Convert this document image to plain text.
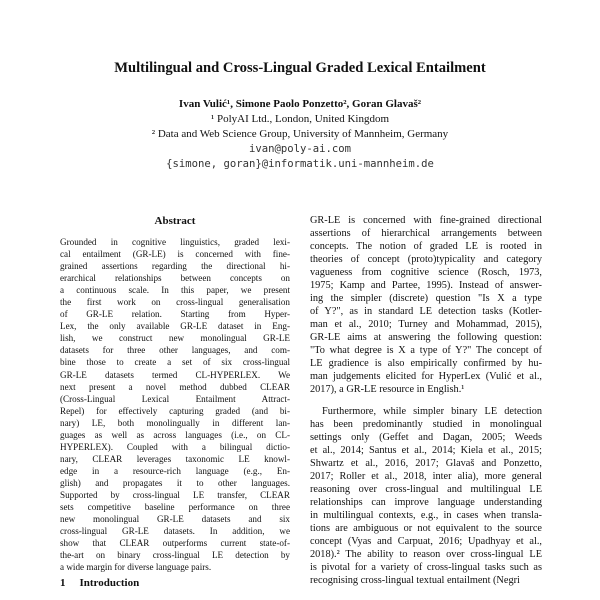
Multilingual and Cross-Lingual Graded Lexical Entailment
Ivan Vulić¹, Simone Paolo Ponzetto², Goran Glavaš²
¹ PolyAI Ltd., London, United Kingdom
² Data and Web Science Group, University of Mannheim, Germany
ivan@poly-ai.com
{simone, goran}@informatik.uni-mannheim.de
Abstract
Grounded in cognitive linguistics, graded lexi-
cal entailment (GR-LE) is concerned with fine-
grained assertions regarding the directional hi-
erarchical relationships between concepts on
a continuous scale. In this paper, we present
the first work on cross-lingual generalisation
of GR-LE relation. Starting from Hyper-
Lex, the only available GR-LE dataset in Eng-
lish, we construct new monolingual GR-LE
datasets for three other languages, and com-
bine those to create a set of six cross-lingual
GR-LE datasets termed CL-HYPERLEX. We
next present a novel method dubbed CLEAR
(Cross-Lingual Lexical Entailment Attract-
Repel) for effectively capturing graded (and bi-
nary) LE, both monolingually in different lan-
guages as well as across languages (i.e., on CL-
HYPERLEX). Coupled with a bilingual dictio-
nary, CLEAR leverages taxonomic LE knowl-
edge in a resource-rich language (e.g., En-
glish) and propagates it to other languages.
Supported by cross-lingual LE transfer, CLEAR
sets competitive baseline performance on three
new monolingual GR-LE datasets and six
cross-lingual GR-LE datasets. In addition, we
show that CLEAR outperforms current state-of-
the-art on binary cross-lingual LE detection by
a wide margin for diverse language pairs.
1 Introduction
GR-LE is concerned with fine-grained directional
assertions of hierarchical arrangements between
concepts. The notion of graded LE is rooted in
theories of concept (proto)typicality and category
vagueness from cognitive science (Rosch, 1973,
1975; Kamp and Partee, 1995). Instead of answer-
ing the simpler (discrete) question "Is X a type
of Y?", as in standard LE detection tasks (Kotler-
man et al., 2010; Turney and Mohammad, 2015),
GR-LE aims at answering the following question:
"To what degree is X a type of Y?" The concept of
LE gradience is also empirically confirmed by hu-
man judgements elicited for HyperLex (Vulić et al.,
2017), a GR-LE resource in English.¹
Furthermore, while simpler binary LE detection
has been predominantly studied in monolingual
settings only (Geffet and Dagan, 2005; Weeds
et al., 2014; Santus et al., 2014; Kiela et al., 2015;
Shwartz et al., 2016, 2017; Glavaš and Ponzetto,
2017; Roller et al., 2018, inter alia), more general
reasoning over cross-lingual and multilingual LE
relationships can improve language understanding
in multilingual contexts, e.g., in cases when transla-
tions are ambiguous or not equivalent to the source
concept (Vyas and Carpuat, 2016; Upadhyay et al.,
2018).² The ability to reason over cross-lingual LE
is pivotal for a variety of cross-lingual tasks such as
recognising cross-lingual textual entailment (Negri
